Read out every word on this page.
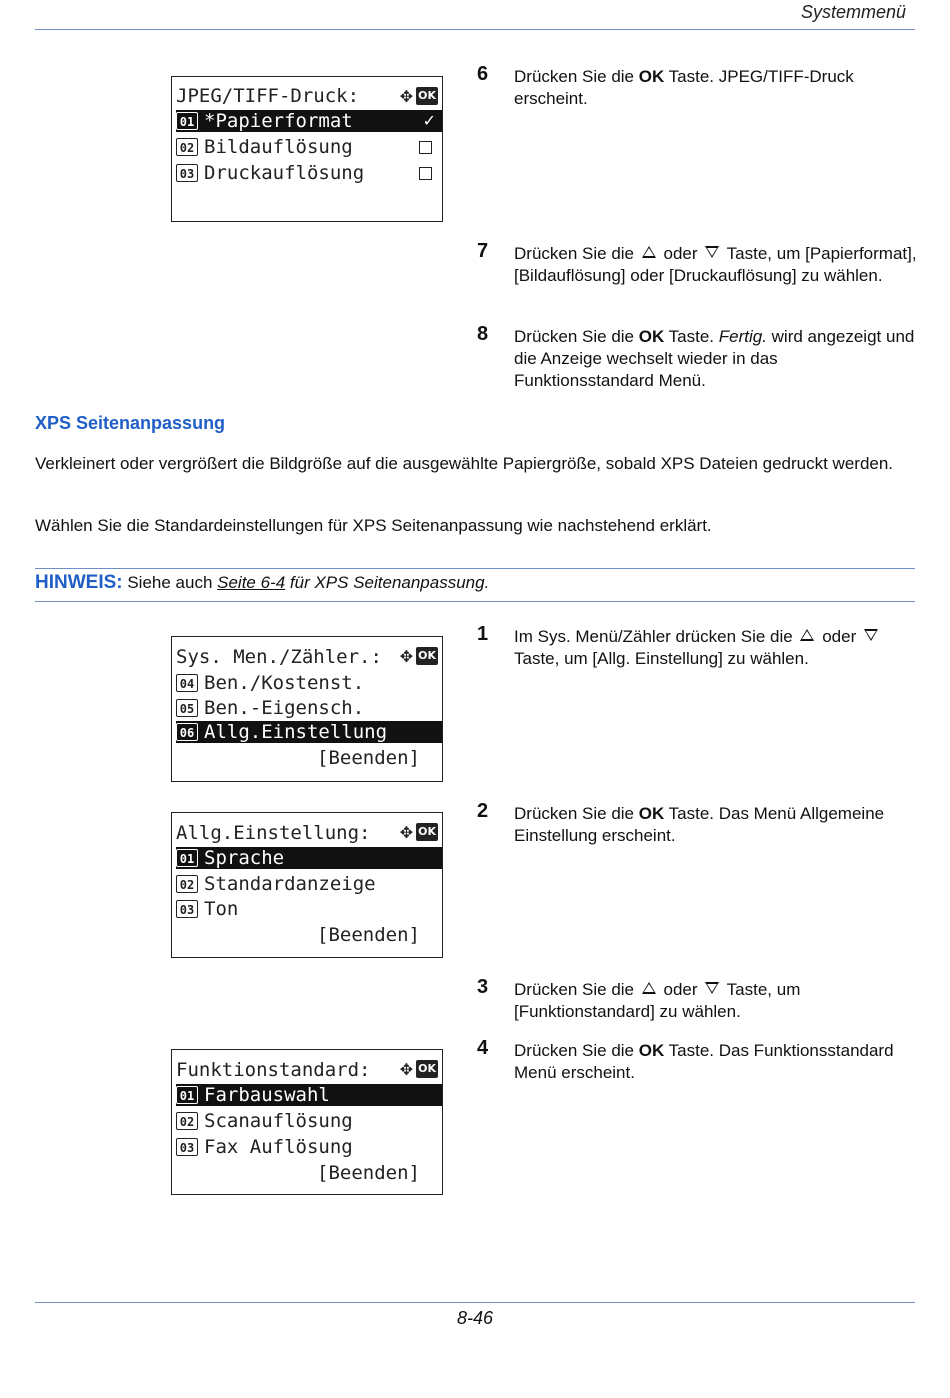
Systemmenü
JPEG/TIFF-Druck:	✥ OK
01 *Papierformat	✓
02 Bildauflösung
03 Druckauflösung
6 Drücken Sie die OK Taste. JPEG/TIFF-Druck erscheint.
7 Drücken Sie die oder Taste, um [Papierformat], [Bildauflösung] oder [Druckauflösung] zu wählen.
8 Drücken Sie die OK Taste. Fertig. wird angezeigt und die Anzeige wechselt wieder in das Funktionsstandard Menü.
XPS Seitenanpassung
Verkleinert oder vergrößert die Bildgröße auf die ausgewählte Papiergröße, sobald XPS Dateien gedruckt werden.
Wählen Sie die Standardeinstellungen für XPS Seitenanpassung wie nachstehend erklärt.
HINWEIS: Siehe auch Seite 6-4 für XPS Seitenanpassung.
Sys. Men./Zähler.:	✥ OK
04 Ben./Kostenst.
05 Ben.-Eigensch.
06 Allg.Einstellung
[Beenden]
Allg.Einstellung:	✥ OK
01 Sprache
02 Standardanzeige
03 Ton
[Beenden]
Funktionstandard:	✥ OK
01 Farbauswahl
02 Scanauflösung
03 Fax Auflösung
[Beenden]
1 Im Sys. Menü/Zähler drücken Sie die oder  Taste, um [Allg. Einstellung] zu wählen.
2 Drücken Sie die OK Taste. Das Menü Allgemeine Einstellung erscheint.
3 Drücken Sie die oder Taste, um [Funktionstandard] zu wählen.
4 Drücken Sie die OK Taste. Das Funktionsstandard Menü erscheint.
8-46
